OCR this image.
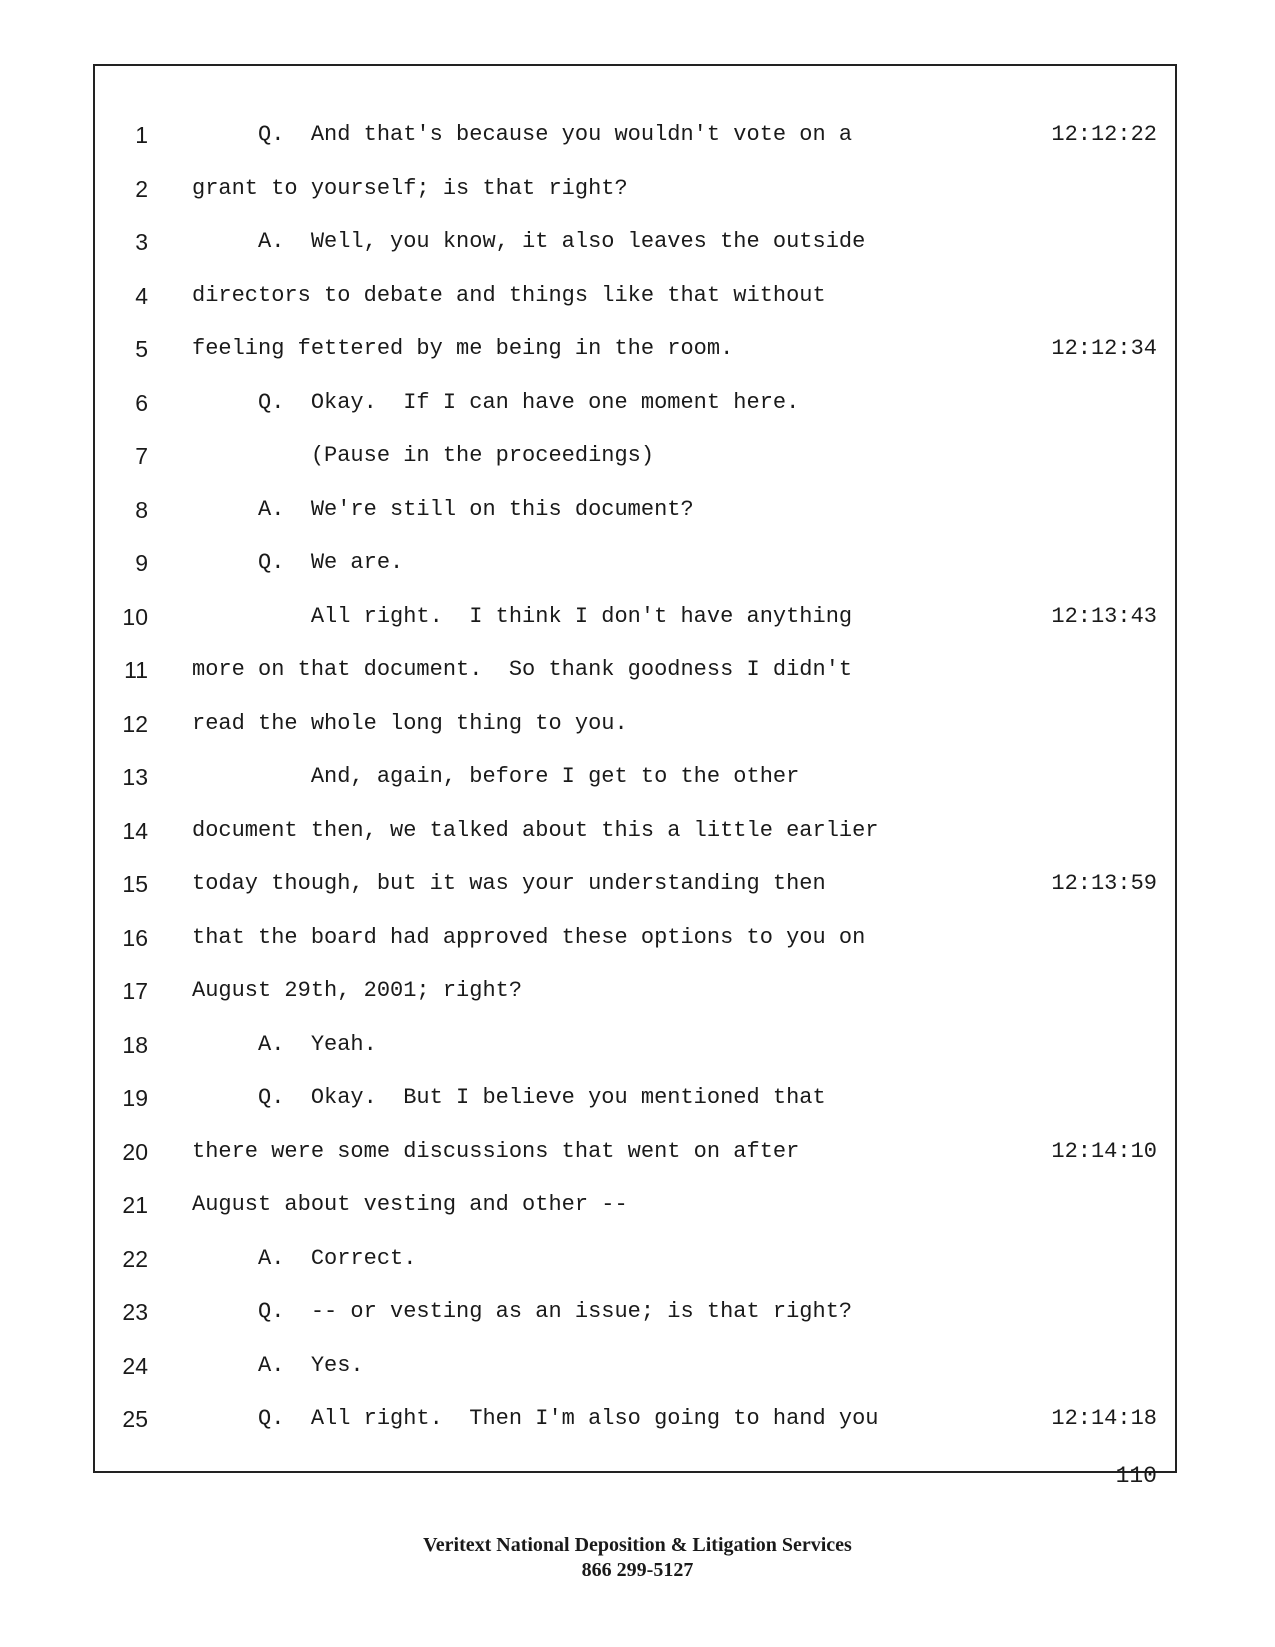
1 Q.  And that's because you wouldn't vote on a	12:12:22
2 grant to yourself; is that right?
3 A.  Well, you know, it also leaves the outside
4 directors to debate and things like that without
5 feeling fettered by me being in the room.	12:12:34
6 Q.  Okay.  If I can have one moment here.
7 (Pause in the proceedings)
8 A.  We're still on this document?
9 Q.  We are.
10 All right.  I think I don't have anything	12:13:43
11 more on that document.  So thank goodness I didn't
12 read the whole long thing to you.
13 And, again, before I get to the other
14 document then, we talked about this a little earlier
15 today though, but it was your understanding then	12:13:59
16 that the board had approved these options to you on
17 August 29th, 2001; right?
18 A.  Yeah.
19 Q.  Okay.  But I believe you mentioned that
20 there were some discussions that went on after	12:14:10
21 August about vesting and other --
22 A.  Correct.
23 Q.  -- or vesting as an issue; is that right?
24 A.  Yes.
25 Q.  All right.  Then I'm also going to hand you	12:14:18
110
Veritext National Deposition & Litigation Services
866 299-5127
